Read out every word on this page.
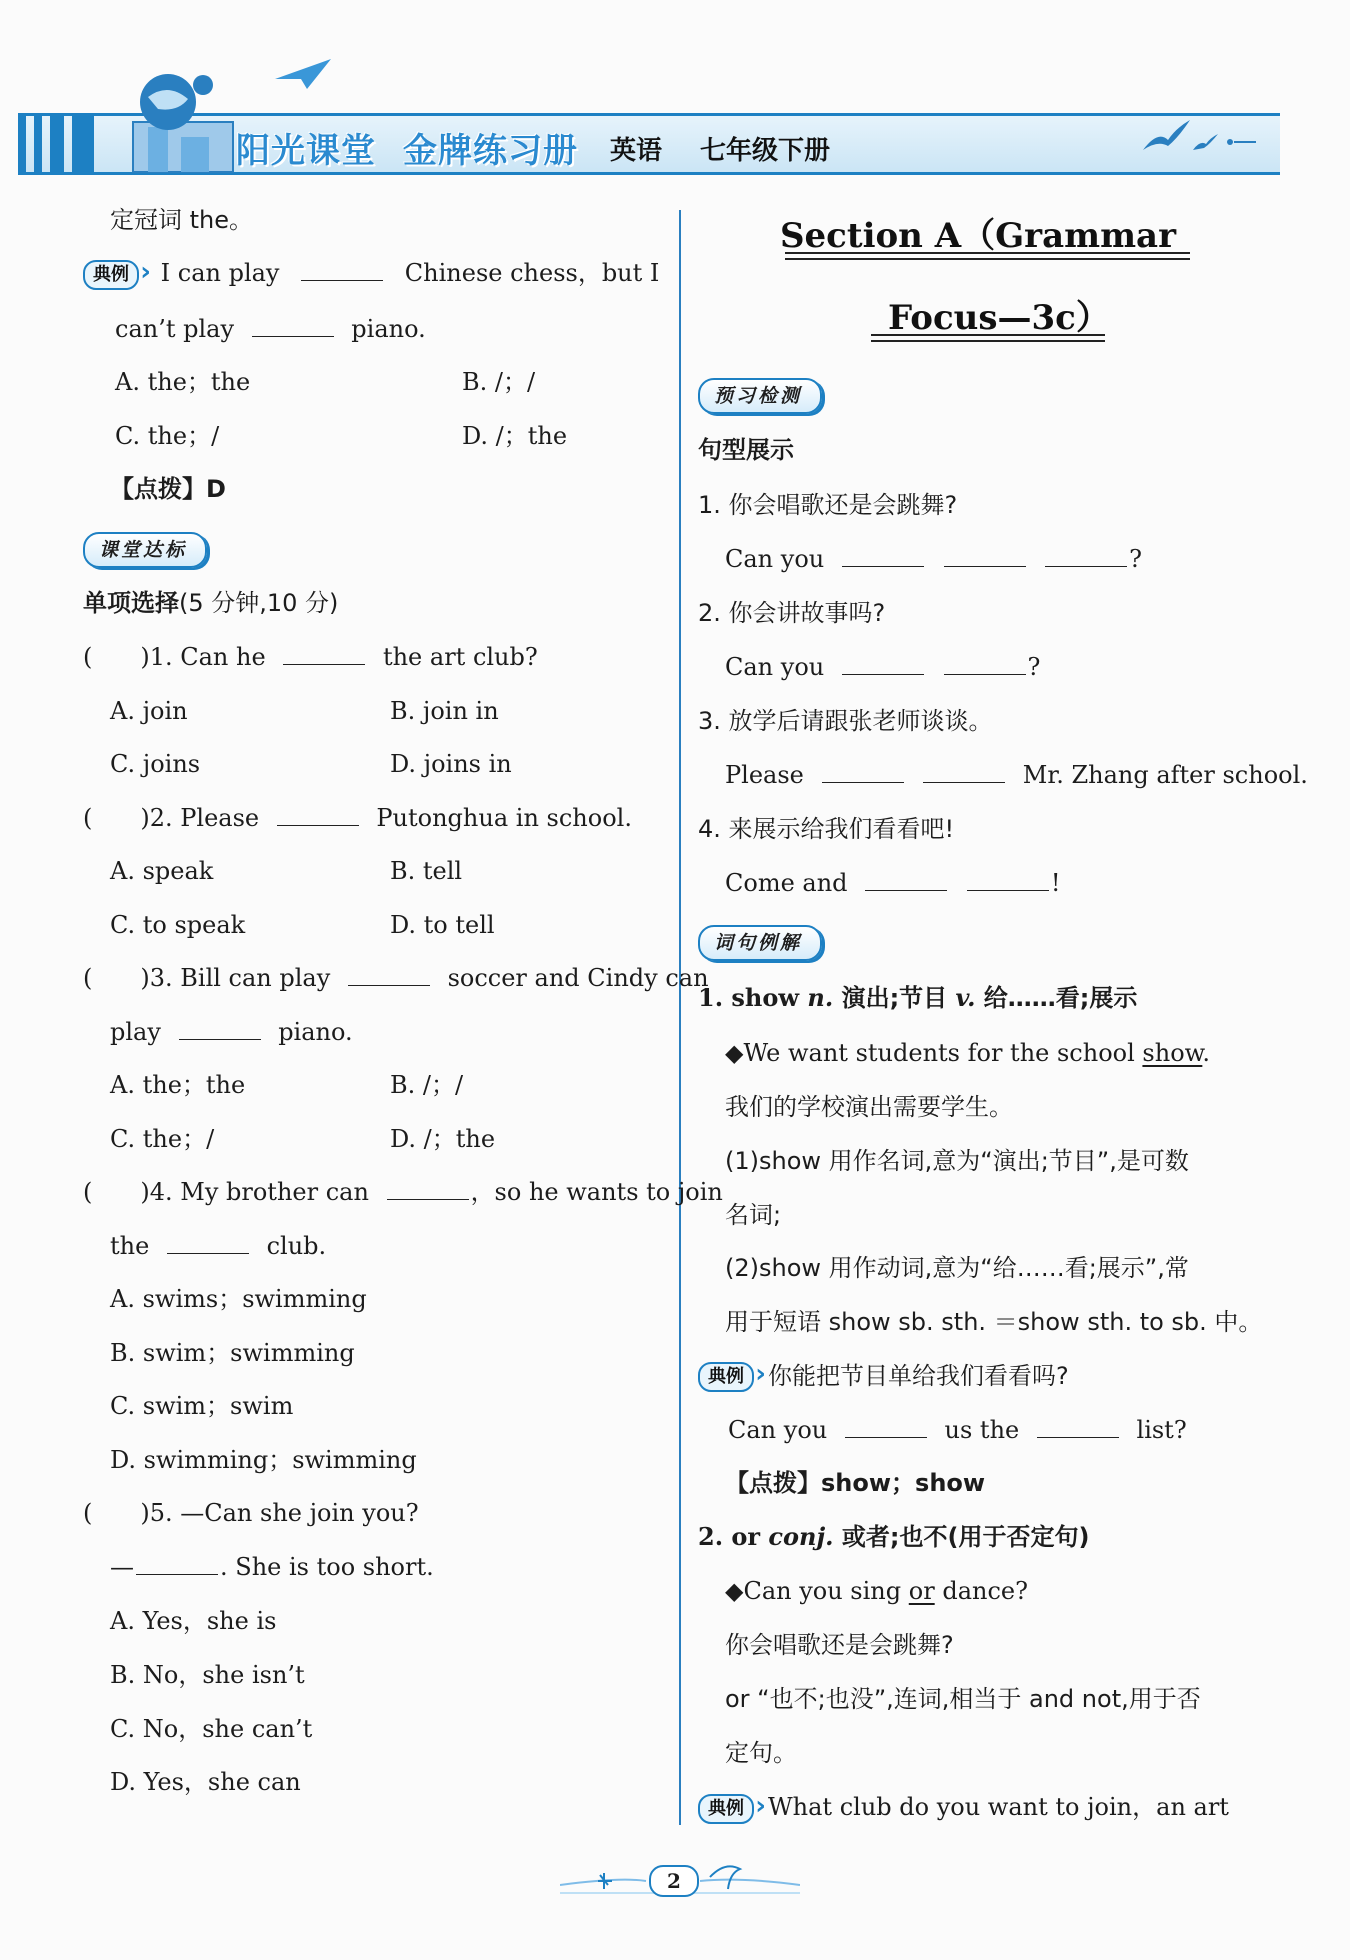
阳光课堂 金牌练习册 英语 七年级下册
定冠词 the。
典例 › I can play	Chinese chess，but I
can’t play	piano.
A. the；the	B. /；/
C. the；/	D. /；the
【点拨】D
课堂达标
单项选择(5 分钟,10 分)
(　　)1. Can he	the art club?
A. join	B. join in
C. joins	D. joins in
(　　)2. Please	Putonghua in school.
A. speak	B. tell
C. to speak	D. to tell
(　　)3. Bill can play	soccer and Cindy can
play	piano.
A. the；the	B. /；/
C. the；/	D. /；the
(　　)4. My brother can	，so he wants to join
the	club.
A. swims；swimming
B. swim；swimming
C. swim；swim
D. swimming；swimming
(　　)5. —Can she join you?
—	. She is too short.
A. Yes，she is
B. No，she isn’t
C. No，she can’t
D. Yes，she can
Section A（Grammar
Focus—3c）
预习检测
句型展示
1. 你会唱歌还是会跳舞?
Can you	?
2. 你会讲故事吗?
Can you	?
3. 放学后请跟张老师谈谈。
Please	Mr. Zhang after school.
4. 来展示给我们看看吧!
Come and	!
词句例解
1. show n. 演出;节目 v. 给……看;展示
◆We want students for the school show.
我们的学校演出需要学生。
(1)show 用作名词,意为“演出;节目”,是可数
名词;
(2)show 用作动词,意为“给……看;展示”,常
用于短语 show sb. sth. ＝show sth. to sb. 中。
典例 › 你能把节目单给我们看看吗?
Can you	us the	list?
【点拨】show；show
2. or conj. 或者;也不(用于否定句)
◆Can you sing or dance?
你会唱歌还是会跳舞?
or “也不;也没”,连词,相当于 and not,用于否
定句。
典例 › What club do you want to join，an art
2
